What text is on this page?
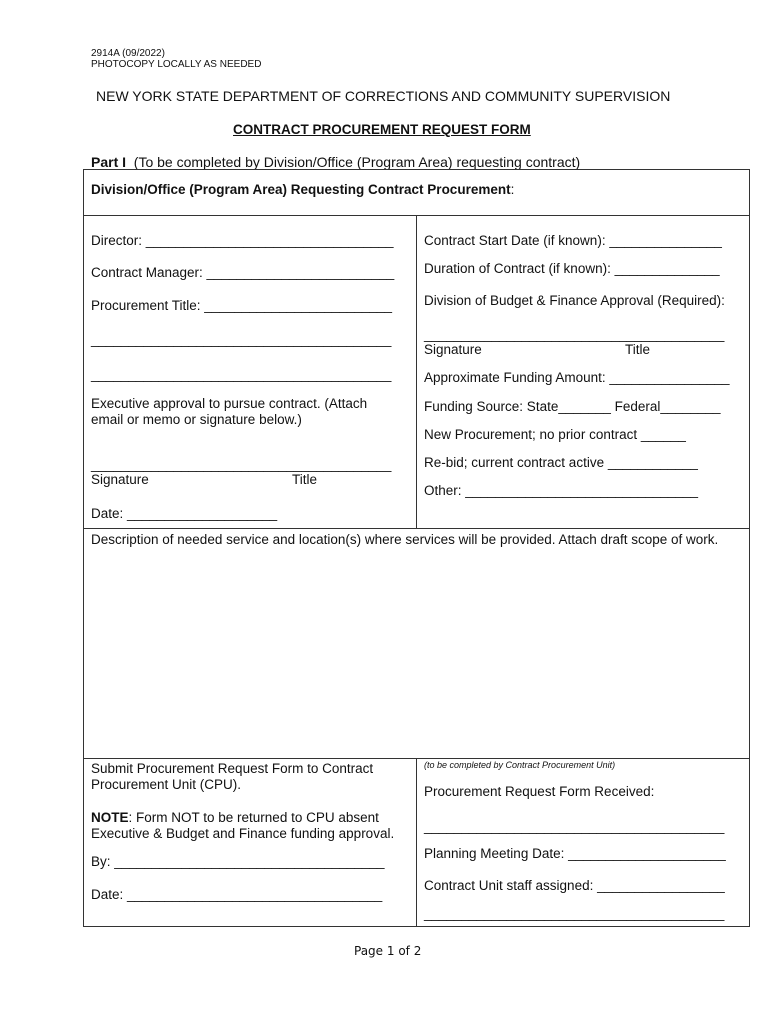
2914A (09/2022)
PHOTOCOPY LOCALLY AS NEEDED
NEW YORK STATE DEPARTMENT OF CORRECTIONS AND COMMUNITY SUPERVISION
CONTRACT PROCUREMENT REQUEST FORM
Part I (To be completed by Division/Office (Program Area) requesting contract)
Division/Office (Program Area) Requesting Contract Procurement:
Director: _________________________________
Contract Manager: _________________________
Procurement Title: _________________________
________________________________________
________________________________________
Executive approval to pursue contract. (Attach
email or memo or signature below.)
________________________________________
Signature	Title
Date: ____________________
Contract Start Date (if known): _______________
Duration of Contract (if known): ______________
Division of Budget & Finance Approval (Required):
________________________________________
Signature	Title
Approximate Funding Amount: ________________
Funding Source: State_______ Federal________
New Procurement; no prior contract ______
Re-bid; current contract active ____________
Other: _______________________________
Description of needed service and location(s) where services will be provided. Attach draft scope of work.
Submit Procurement Request Form to Contract
Procurement Unit (CPU).
NOTE: Form NOT to be returned to CPU absent
Executive & Budget and Finance funding approval.
By: ____________________________________
Date: __________________________________
(to be completed by Contract Procurement Unit)
Procurement Request Form Received:
________________________________________
Planning Meeting Date: _____________________
Contract Unit staff assigned: _________________
________________________________________
Page 1 of 2
